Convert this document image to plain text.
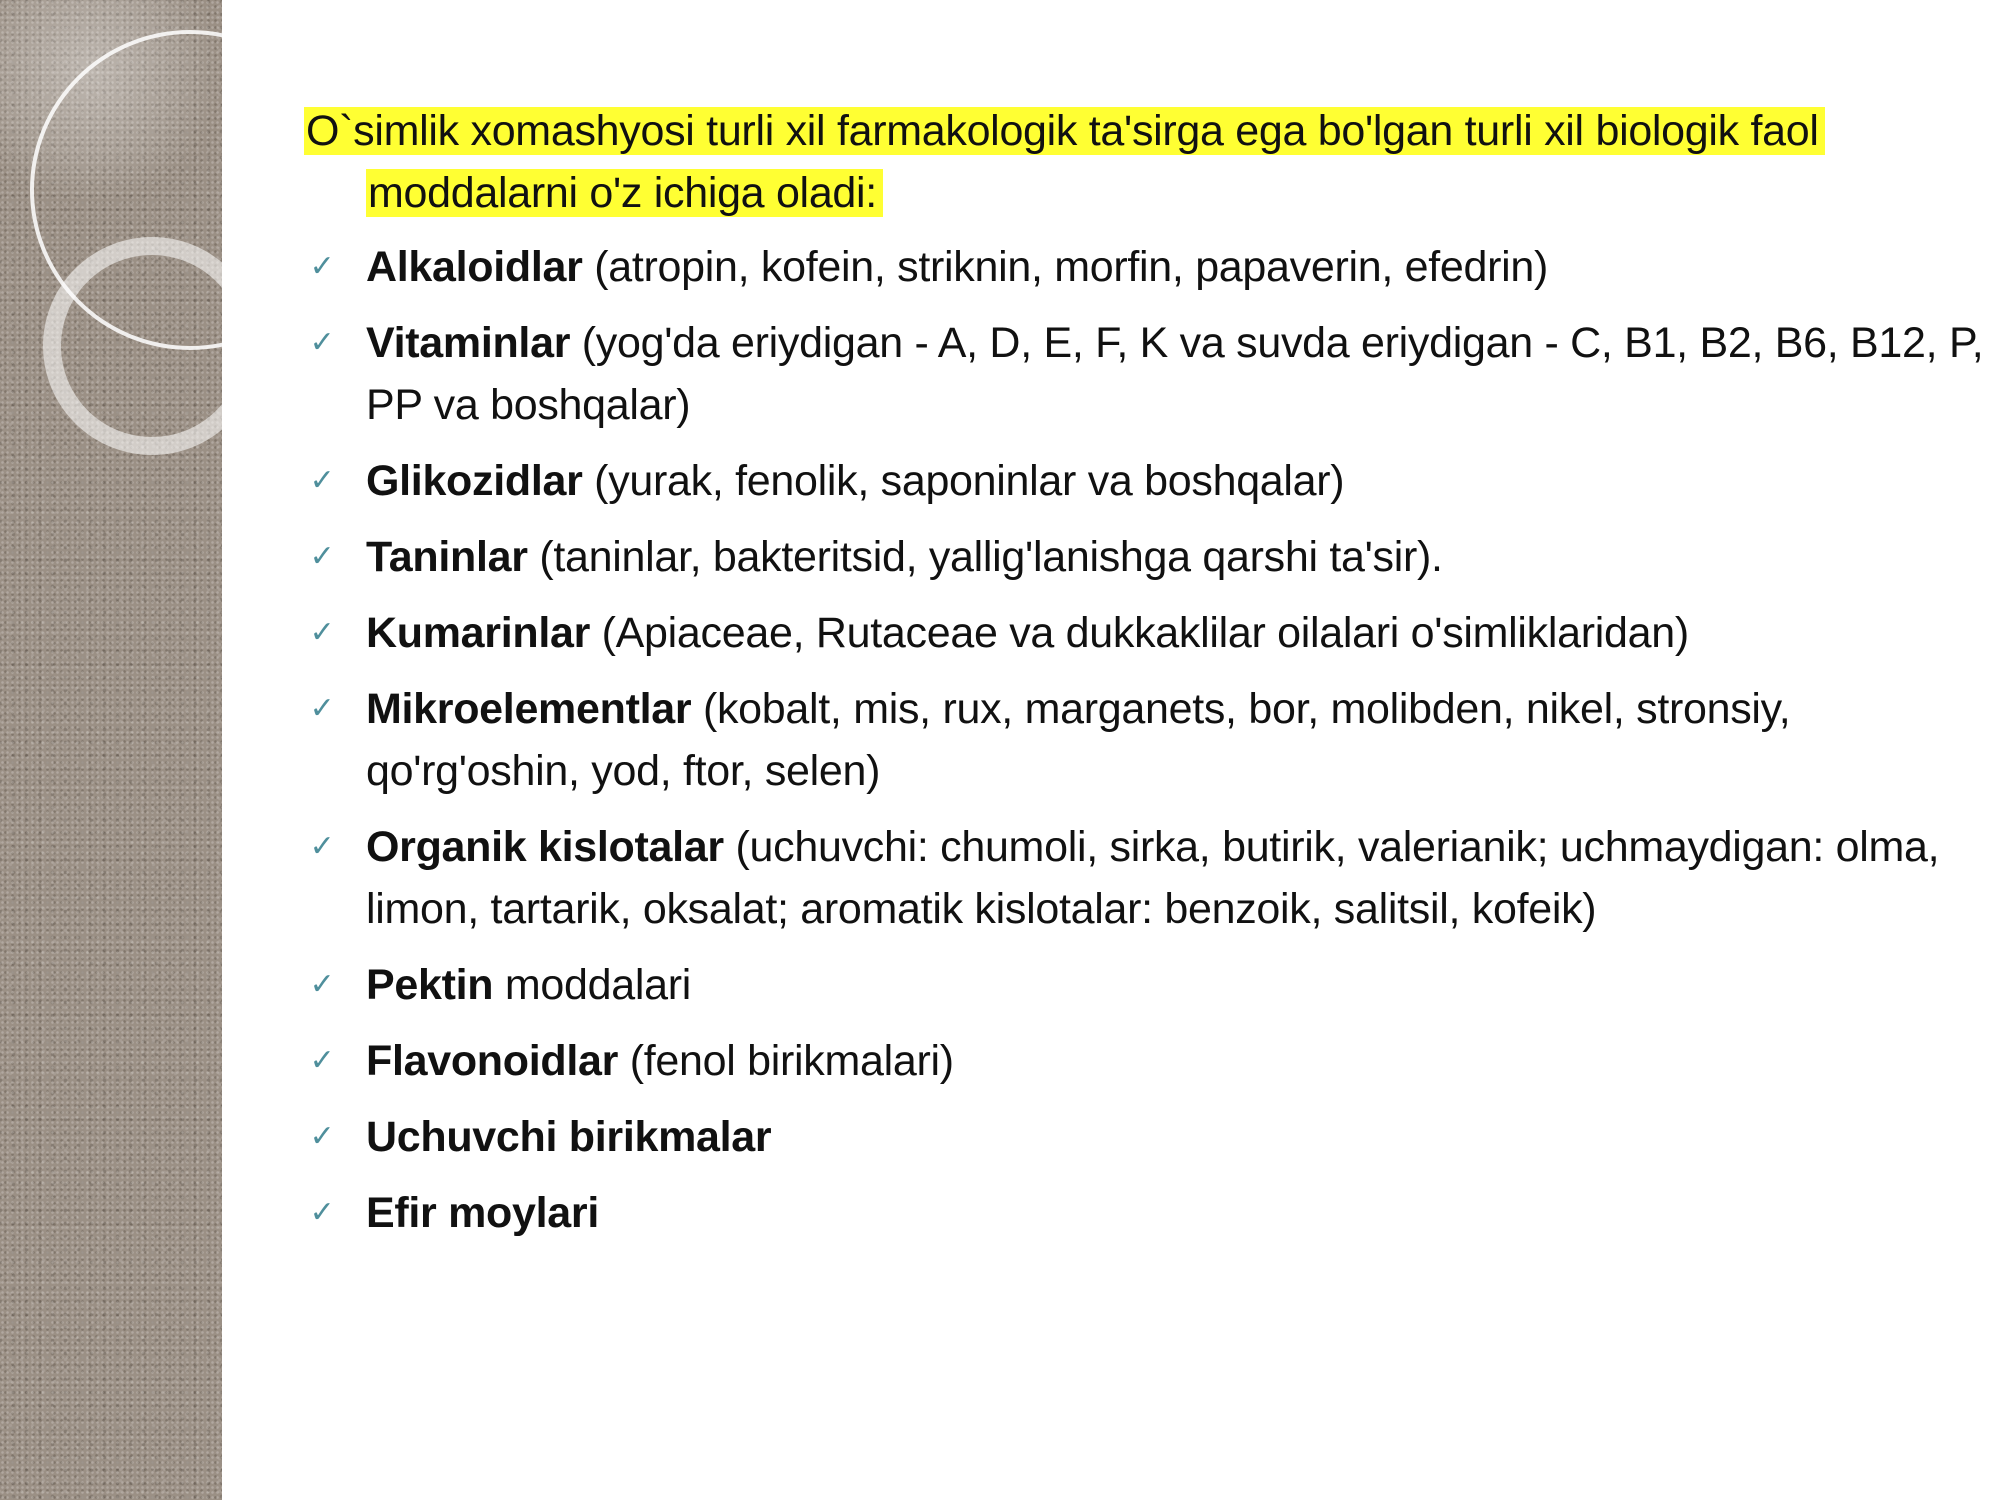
O`simlik xomashyosi turli xil farmakologik ta'sirga ega bo'lgan turli xil biologik faol moddalarni o'z ichiga oladi:

✓ Alkaloidlar (atropin, kofein, striknin, morfin, papaverin, efedrin)
✓ Vitaminlar (yog'da eriydigan - A, D, E, F, K va suvda eriydigan - C, B1, B2, B6, B12, P, PP va boshqalar)
✓ Glikozidlar (yurak, fenolik, saponinlar va boshqalar)
✓ Taninlar (taninlar, bakteritsid, yallig'lanishga qarshi ta'sir).
✓ Kumarinlar (Apiaceae, Rutaceae va dukkaklilar oilalari o'simliklaridan)
✓ Mikroelementlar (kobalt, mis, rux, marganets, bor, molibden, nikel, stronsiy, qo'rg'oshin, yod, ftor, selen)
✓ Organik kislotalar (uchuvchi: chumoli, sirka, butirik, valerianik; uchmaydigan: olma, limon, tartarik, oksalat; aromatik kislotalar: benzoik, salitsil, kofeik)
✓ Pektin moddalari
✓ Flavonoidlar (fenol birikmalari)
✓ Uchuvchi birikmalar
✓ Efir moylari
